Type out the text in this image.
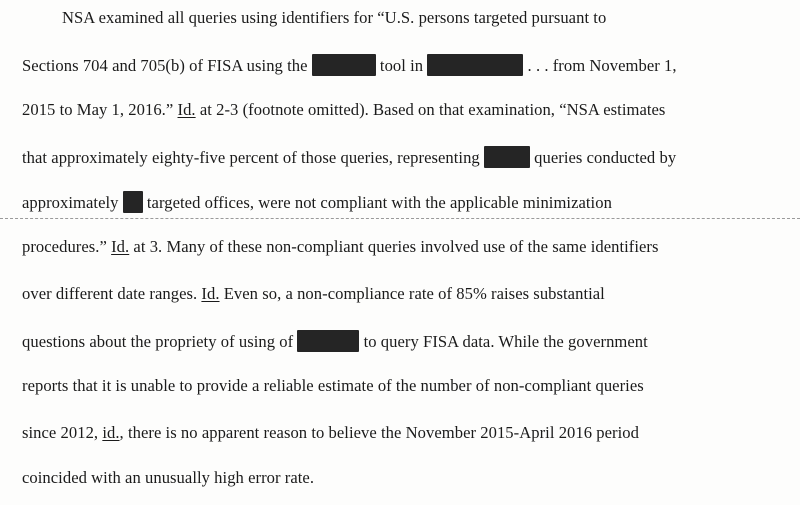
NSA examined all queries using identifiers for “U.S. persons targeted pursuant to
Sections 704 and 705(b) of FISA using the	tool in	. . . from November 1,
2015 to May 1, 2016.” Id. at 2-3 (footnote omitted). Based on that examination, “NSA estimates
that approximately eighty-five percent of those queries, representing	queries conducted by
approximately  targeted offices, were not compliant with the applicable minimization
procedures.” Id. at 3. Many of these non-compliant queries involved use of the same identifiers
over different date ranges. Id. Even so, a non-compliance rate of 85% raises substantial
questions about the propriety of using of	to query FISA data. While the government
reports that it is unable to provide a reliable estimate of the number of non-compliant queries
since 2012, id., there is no apparent reason to believe the November 2015-April 2016 period
coincided with an unusually high error rate.
